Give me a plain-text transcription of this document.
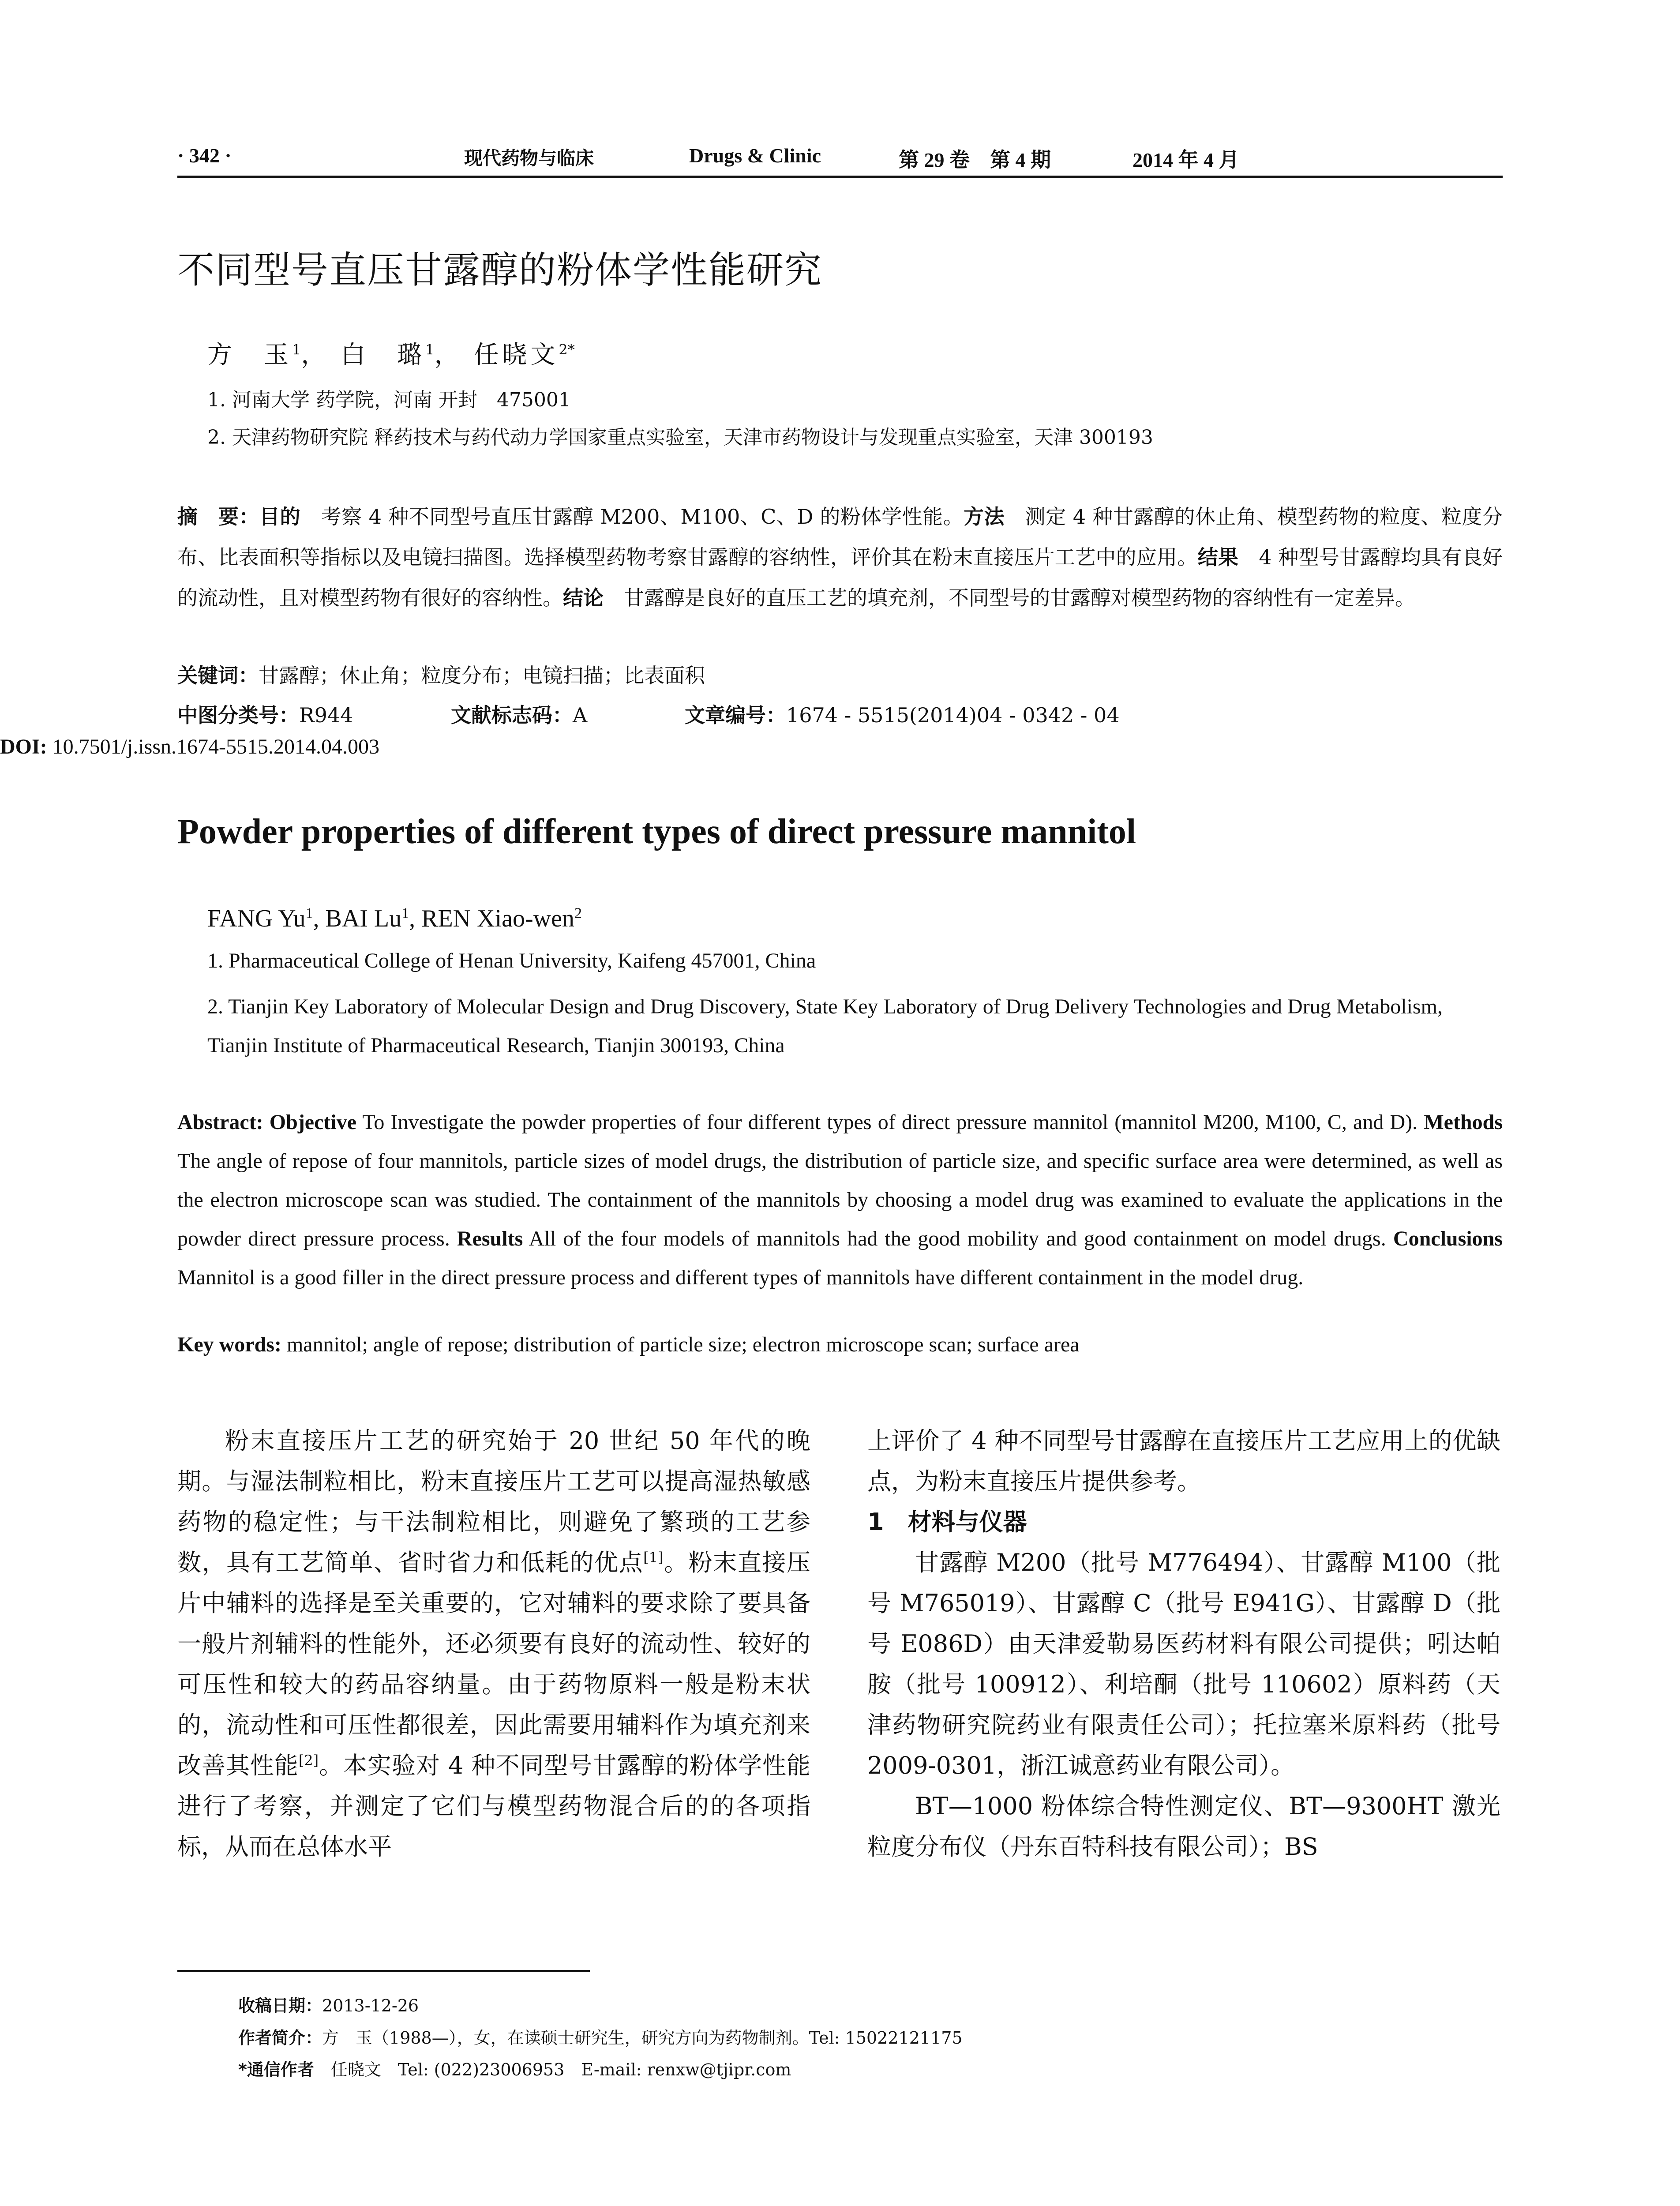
· 342 ·	现代药物与临床	Drugs & Clinic	第 29 卷　第 4 期	2014 年 4 月
不同型号直压甘露醇的粉体学性能研究
方　玉$^1$， 白　璐$^1$， 任晓文$^{2*}$
1. 河南大学 药学院，河南 开封　475001
2. 天津药物研究院 释药技术与药代动力学国家重点实验室，天津市药物设计与发现重点实验室，天津 300193
摘　要：目的　考察 4 种不同型号直压甘露醇 M200、M100、C、D 的粉体学性能。方法　测定 4 种甘露醇的休止角、模型药物的粒度、粒度分布、比表面积等指标以及电镜扫描图。选择模型药物考察甘露醇的容纳性，评价其在粉末直接压片工艺中的应用。结果　4 种型号甘露醇均具有良好的流动性，且对模型药物有很好的容纳性。结论　甘露醇是良好的直压工艺的填充剂，不同型号的甘露醇对模型药物的容纳性有一定差异。
关键词：甘露醇；休止角；粒度分布；电镜扫描；比表面积
中图分类号：R944	文献标志码：A	文章编号：1674 - 5515(2014)04 - 0342 - 04
DOI: 10.7501/j.issn.1674-5515.2014.04.003
Powder properties of different types of direct pressure mannitol
FANG Yu$^1$, BAI Lu$^1$, REN Xiao-wen$^2$
1. Pharmaceutical College of Henan University, Kaifeng 457001, China
2. Tianjin Key Laboratory of Molecular Design and Drug Discovery, State Key Laboratory of Drug Delivery Technologies and Drug Metabolism, Tianjin Institute of Pharmaceutical Research, Tianjin 300193, China
Abstract: Objective To Investigate the powder properties of four different types of direct pressure mannitol (mannitol M200, M100, C, and D). Methods The angle of repose of four mannitols, particle sizes of model drugs, the distribution of particle size, and specific surface area were determined, as well as the electron microscope scan was studied. The containment of the mannitols by choosing a model drug was examined to evaluate the applications in the powder direct pressure process. Results All of the four models of mannitols had the good mobility and good containment on model drugs. Conclusions Mannitol is a good filler in the direct pressure process and different types of mannitols have different containment in the model drug.
Key words: mannitol; angle of repose; distribution of particle size; electron microscope scan; surface area

粉末直接压片工艺的研究始于 20 世纪 50 年代的晚期。与湿法制粒相比，粉末直接压片工艺可以提高湿热敏感药物的稳定性；与干法制粒相比，则避免了繁琐的工艺参数，具有工艺简单、省时省力和低耗的优点[1]。粉末直接压片中辅料的选择是至关重要的，它对辅料的要求除了要具备一般片剂辅料的性能外，还必须要有良好的流动性、较好的可压性和较大的药品容纳量。由于药物原料一般是粉末状的，流动性和可压性都很差，因此需要用辅料作为填充剂来改善其性能[2]。本实验对 4 种不同型号甘露醇的粉体学性能进行了考察，并测定了它们与模型药物混合后的的各项指标，从而在总体水平

上评价了 4 种不同型号甘露醇在直接压片工艺应用上的优缺点，为粉末直接压片提供参考。

1　材料与仪器

甘露醇 M200（批号 M776494）、甘露醇 M100（批号 M765019）、甘露醇 C（批号 E941G）、甘露醇 D（批号 E086D）由天津爱勒易医药材料有限公司提供；吲达帕胺（批号 100912）、利培酮（批号 110602）原料药（天津药物研究院药业有限责任公司）；托拉塞米原料药（批号 2009-0301，浙江诚意药业有限公司）。

BT—1000 粉体综合特性测定仪、BT—9300HT 激光粒度分布仪（丹东百特科技有限公司）；BS

收稿日期：2013-12-26
作者简介：方　玉（1988—），女，在读硕士研究生，研究方向为药物制剂。Tel: 15022121175
*通信作者　任晓文　Tel: (022)23006953　E-mail: renxw@tjipr.com
